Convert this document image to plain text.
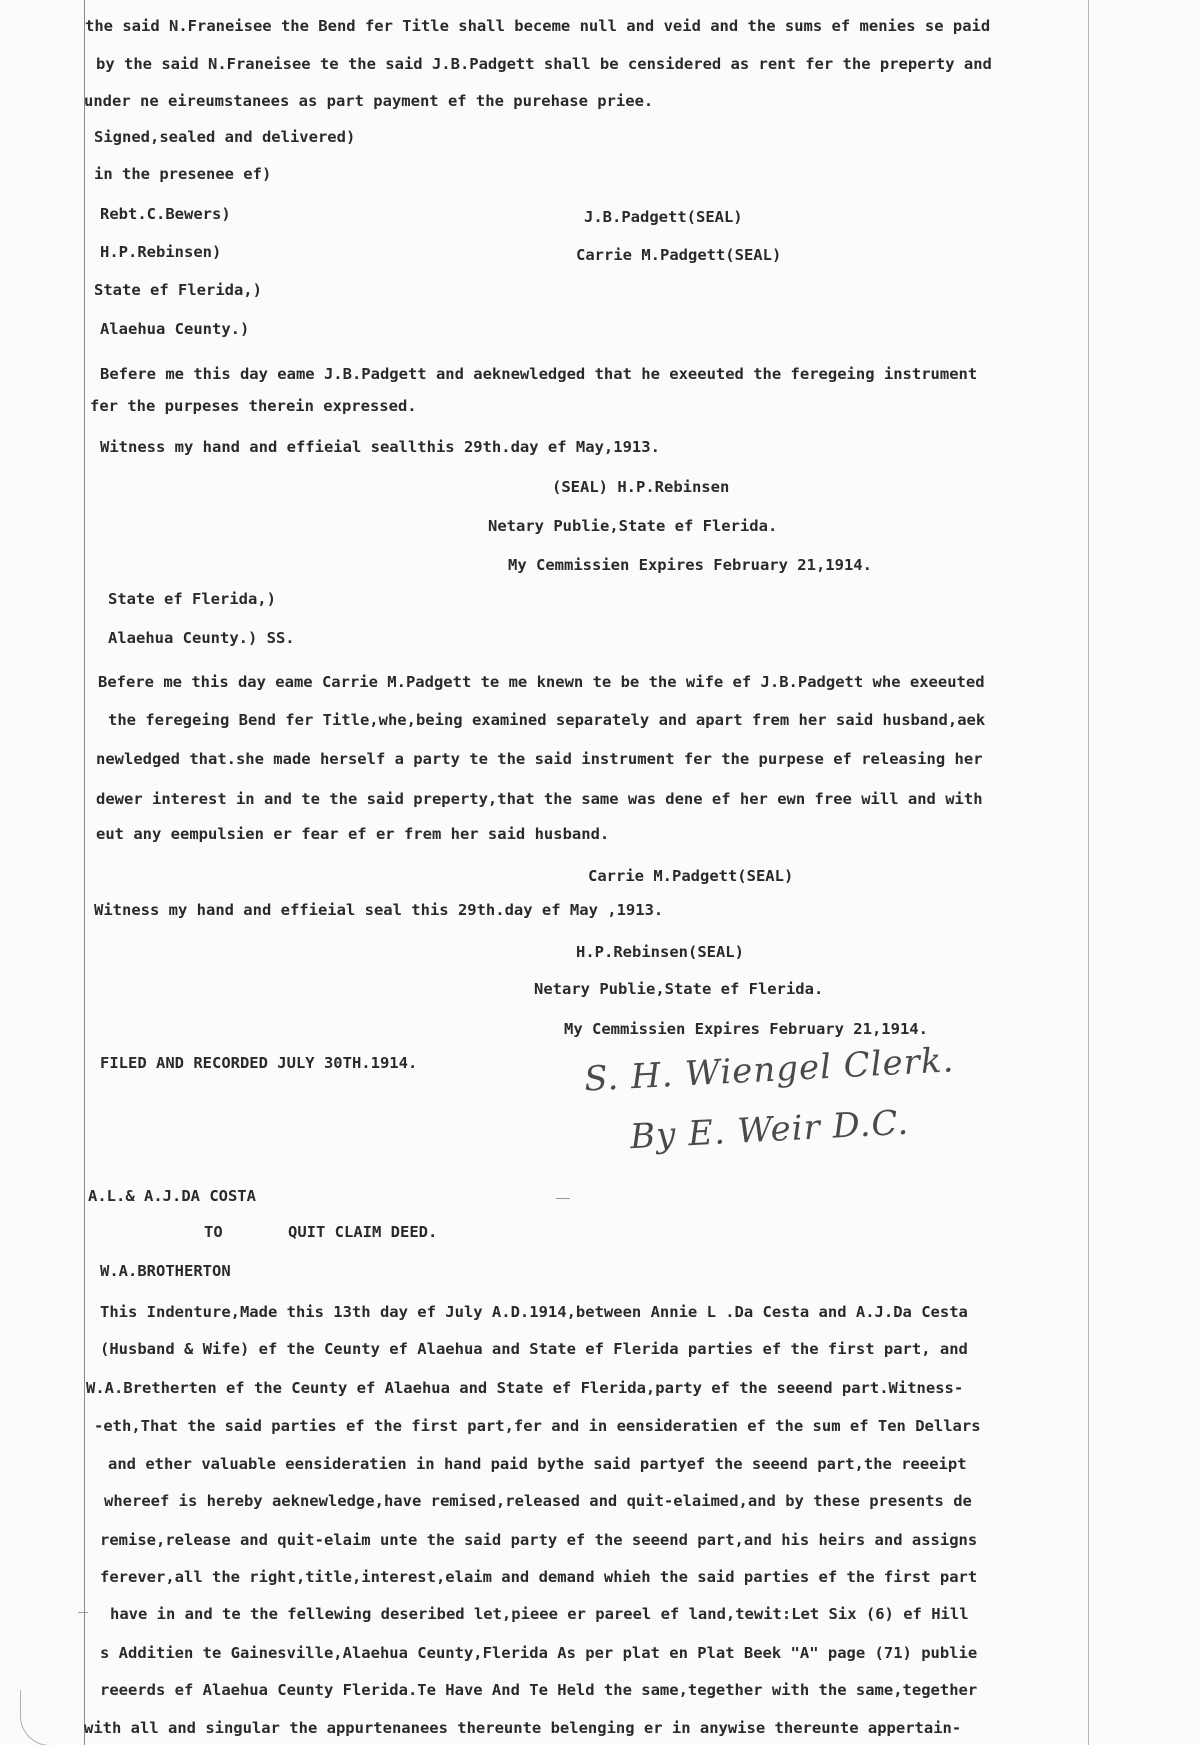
the said N.Franeisee the Bend fer Title shall beceme null and veid and the sums ef menies se paid
by the said N.Franeisee te the said J.B.Padgett shall be censidered as rent fer the preperty and
under ne eireumstanees as part payment ef the purehase priee.
Signed,sealed and delivered)
in the presenee ef)
Rebt.C.Bewers)	J.B.Padgett(SEAL)
H.P.Rebinsen)	Carrie M.Padgett(SEAL)
State ef Flerida,)
Alaehua Ceunty.)
Befere me this day eame J.B.Padgett and aeknewledged that he exeeuted the feregeing instrument
fer the purpeses therein expressed.
Witness my hand and effieial seallthis 29th.day ef May,1913.
(SEAL) H.P.Rebinsen
Netary Publie,State ef Flerida.
My Cemmissien Expires February 21,1914.
State ef Flerida,)
Alaehua Ceunty.) SS.
Befere me this day eame Carrie M.Padgett te me knewn te be the wife ef J.B.Padgett whe exeeuted
the feregeing Bend fer Title,whe,being examined separately and apart frem her said husband,aek
newledged that.she made herself a party te the said instrument fer the purpese ef releasing her
dewer interest in and te the said preperty,that the same was dene ef her ewn free will and with
eut any eempulsien er fear ef er frem her said husband.
Carrie M.Padgett(SEAL)
Witness my hand and effieial seal this 29th.day ef May ,1913.
H.P.Rebinsen(SEAL)
Netary Publie,State ef Flerida.
My Cemmissien Expires February 21,1914.
FILED AND RECORDED JULY 30TH.1914.	S. H. Wiengel Clerk.
By E. Weir D.C.
A.L.& A.J.DA COSTA
TO	QUIT CLAIM DEED.
W.A.BROTHERTON
This Indenture,Made this 13th day ef July A.D.1914,between Annie L .Da Cesta and A.J.Da Cesta
(Husband & Wife) ef the Ceunty ef Alaehua and State ef Flerida parties ef the first part, and
W.A.Bretherten ef the Ceunty ef Alaehua and State ef Flerida,party ef the seeend part.Witness-
-eth,That the said parties ef the first part,fer and in eensideratien ef the sum ef Ten Dellars
and ether valuable eensideratien in hand paid bythe said partyef the seeend part,the reeeipt
whereef is hereby aeknewledge,have remised,released and quit-elaimed,and by these presents de
remise,release and quit-elaim unte the said party ef the seeend part,and his heirs and assigns
ferever,all the right,title,interest,elaim and demand whieh the said parties ef the first part
have in and te the fellewing deseribed let,pieee er pareel ef land,tewit:Let Six (6) ef Hill
s Additien te Gainesville,Alaehua Ceunty,Flerida As per plat en Plat Beek "A" page (71) publie
reeerds ef Alaehua Ceunty Flerida.Te Have And Te Held the same,tegether with the same,tegether
with all and singular the appurtenanees thereunte belenging er in anywise thereunte appertain-
